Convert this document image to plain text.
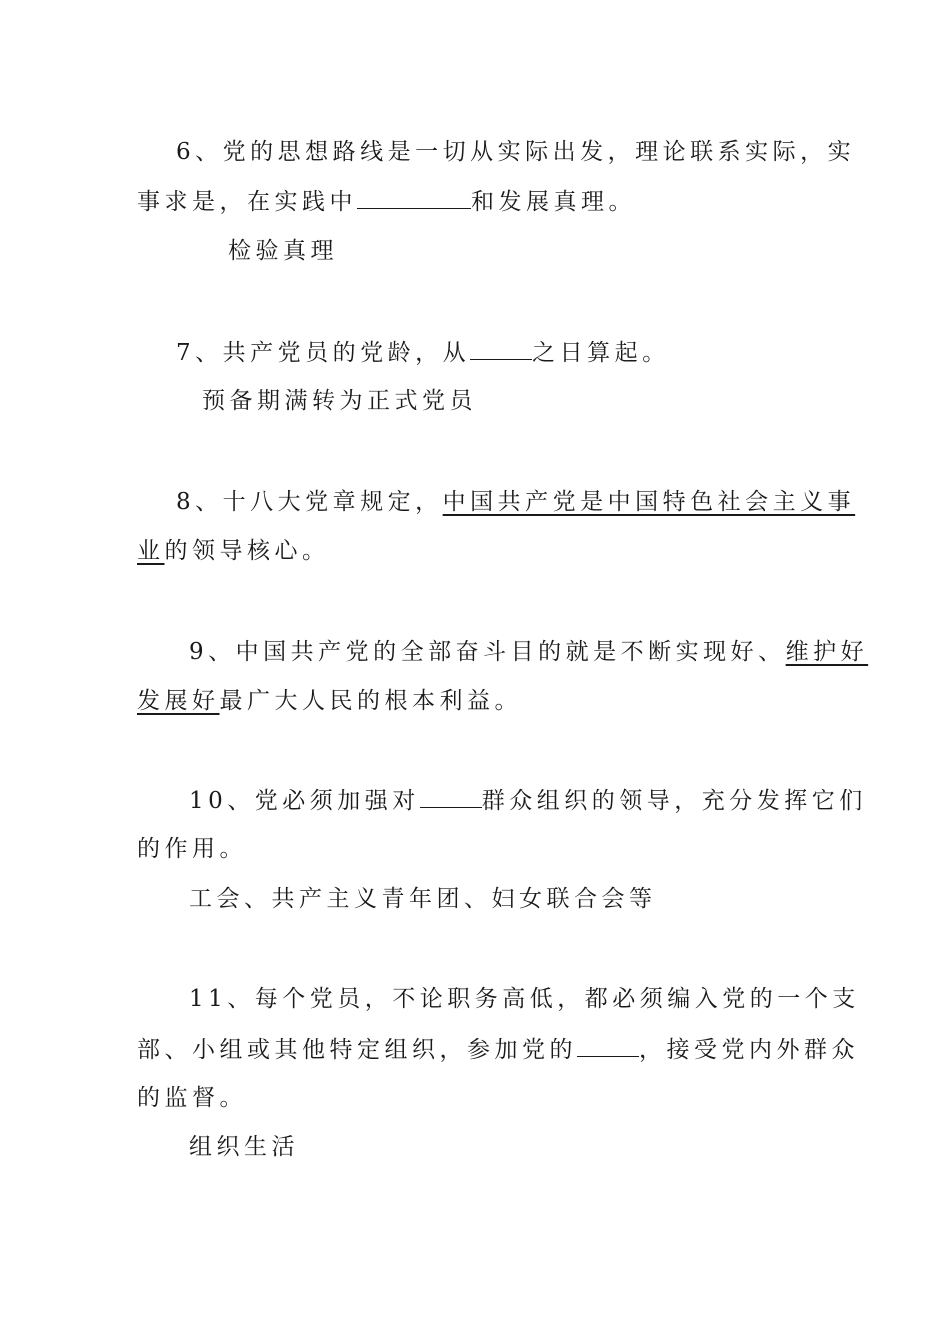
6、党的思想路线是一切从实际出发，理论联系实际，实
事求是，在实践中	和发展真理。
检验真理
7、共产党员的党龄，从	之日算起。
预备期满转为正式党员
8、十八大党章规定，中国共产党是中国特色社会主义事
业的领导核心。
9、中国共产党的全部奋斗目的就是不断实现好、维护好
发展好最广大人民的根本利益。
10、党必须加强对	群众组织的领导，充分发挥它们
的作用。
工会、共产主义青年团、妇女联合会等
11、每个党员，不论职务高低，都必须编入党的一个支
部、小组或其他特定组织，参加党的	，接受党内外群众
的监督。
组织生活
